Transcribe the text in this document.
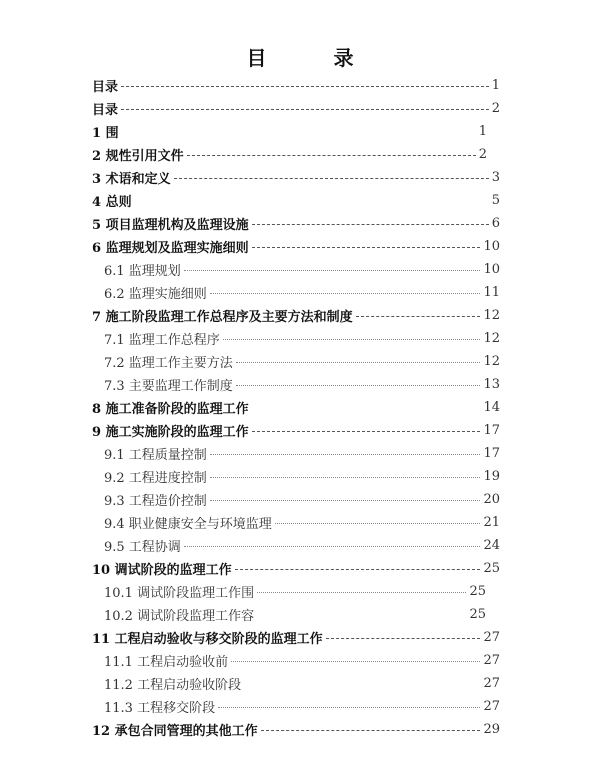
目 录
目录	1
目录	2
1 围	1
2 规性引用文件	2
3 术语和定义	3
4 总则	5
5 项目监理机构及监理设施	6
6 监理规划及监理实施细则	10
6.1 监理规划	10
6.2 监理实施细则	11
7 施工阶段监理工作总程序及主要方法和制度	12
7.1 监理工作总程序	12
7.2 监理工作主要方法	12
7.3 主要监理工作制度	13
8 施工准备阶段的监理工作	14
9 施工实施阶段的监理工作	17
9.1 工程质量控制	17
9.2 工程进度控制	19
9.3 工程造价控制	20
9.4 职业健康安全与环境监理	21
9.5 工程协调	24
10 调试阶段的监理工作	25
10.1 调试阶段监理工作围	25
10.2 调试阶段监理工作容	25
11 工程启动验收与移交阶段的监理工作	27
11.1 工程启动验收前	27
11.2 工程启动验收阶段	27
11.3 工程移交阶段	27
12 承包合同管理的其他工作	29
